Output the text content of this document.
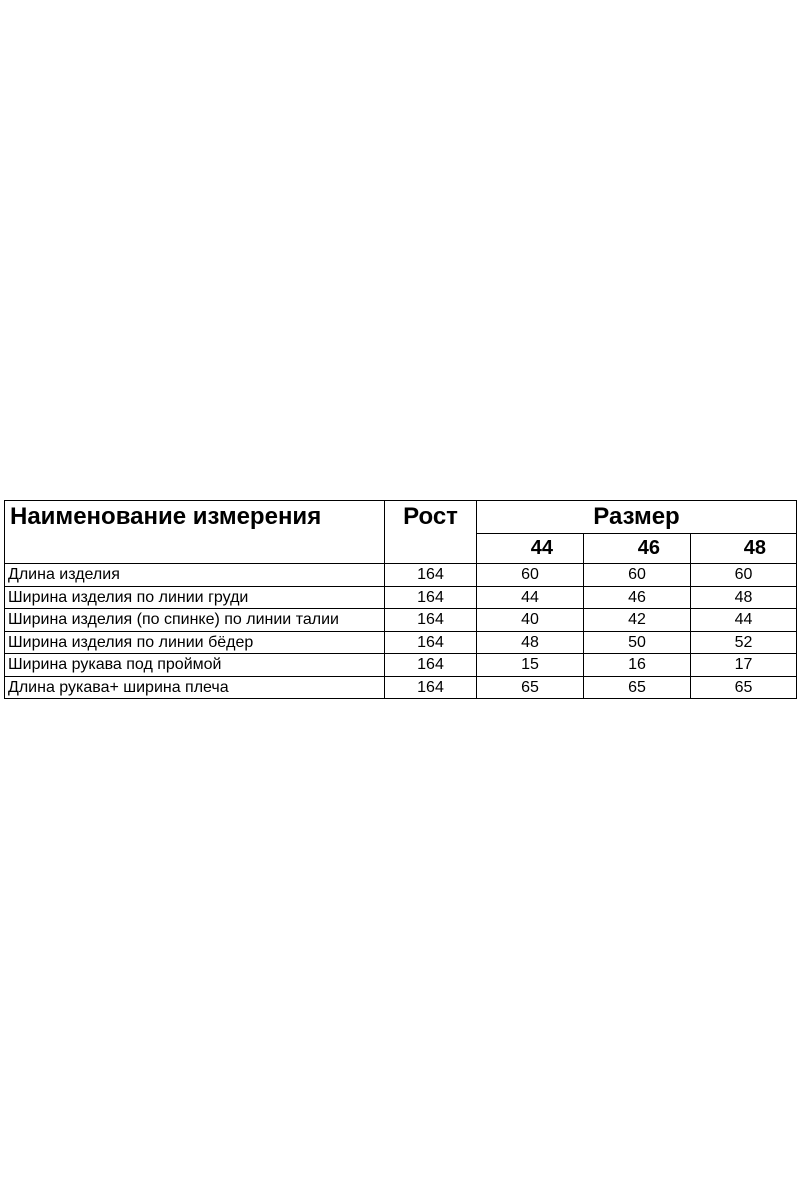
Наименование измерения	Рост	Размер		
		44	46	48
Длина изделия	164	60	60	60
Ширина изделия по линии груди	164	44	46	48
Ширина изделия (по спинке) по линии талии	164	40	42	44
Ширина изделия по линии бёдер	164	48	50	52
Ширина рукава под проймой	164	15	16	17
Длина рукава+ ширина плеча	164	65	65	65
